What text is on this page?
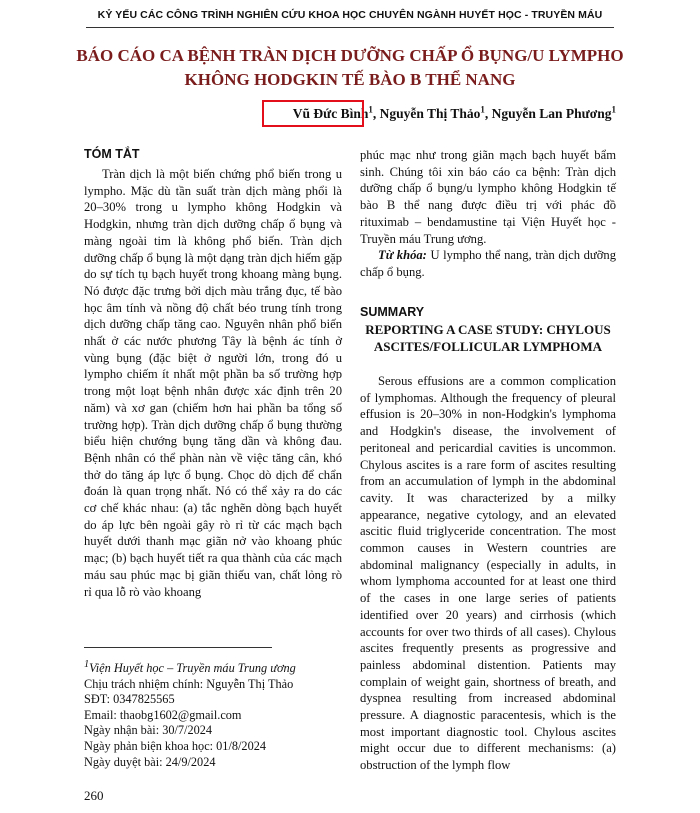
KỶ YẾU CÁC CÔNG TRÌNH NGHIÊN CỨU KHOA HỌC CHUYÊN NGÀNH HUYẾT HỌC - TRUYỀN MÁU
BÁO CÁO CA BỆNH TRÀN DỊCH DƯỠNG CHẤP Ổ BỤNG/U LYMPHO
KHÔNG HODGKIN TẾ BÀO B THỂ NANG
Vũ Đức Bình$^1$, Nguyễn Thị Thảo$^1$, Nguyễn Lan Phương$^1$
TÓM TẮT

Tràn dịch là một biến chứng phổ biến trong u lympho. Mặc dù tần suất tràn dịch màng phổi là 20–30% trong u lympho không Hodgkin và Hodgkin, nhưng tràn dịch dưỡng chấp ổ bụng và màng ngoài tim là không phổ biến. Tràn dịch dưỡng chấp ổ bụng là một dạng tràn dịch hiếm gặp do sự tích tụ bạch huyết trong khoang màng bụng. Nó được đặc trưng bởi dịch màu trắng đục, tế bào học âm tính và nồng độ chất béo trung tính trong dịch dưỡng chấp tăng cao. Nguyên nhân phổ biến nhất ở các nước phương Tây là bệnh ác tính ở vùng bụng (đặc biệt ở người lớn, trong đó u lympho chiếm ít nhất một phần ba số trường hợp trong một loạt bệnh nhân được xác định trên 20 năm) và xơ gan (chiếm hơn hai phần ba tổng số trường hợp). Tràn dịch dưỡng chấp ổ bụng thường biểu hiện chướng bụng tăng dần và không đau. Bệnh nhân có thể phàn nàn về việc tăng cân, khó thở do tăng áp lực ổ bụng. Chọc dò dịch để chẩn đoán là quan trọng nhất. Nó có thể xảy ra do các cơ chế khác nhau: (a) tắc nghẽn dòng bạch huyết do áp lực bên ngoài gây rò rỉ từ các mạch bạch huyết dưới thanh mạc giãn nở vào khoang phúc mạc; (b) bạch huyết tiết ra qua thành của các mạch máu sau phúc mạc bị giãn thiếu van, chất lỏng rò rỉ qua lỗ rò vào khoang

phúc mạc như trong giãn mạch bạch huyết bẩm sinh. Chúng tôi xin báo cáo ca bệnh: Tràn dịch dưỡng chấp ổ bụng/u lympho không Hodgkin tế bào B thể nang được điều trị với phác đồ rituximab – bendamustine tại Viện Huyết học - Truyền máu Trung ương.

Từ khóa: U lympho thể nang, tràn dịch dưỡng chấp ổ bụng.

SUMMARY
REPORTING A CASE STUDY: CHYLOUS ASCITES/FOLLICULAR LYMPHOMA

Serous effusions are a common complication of lymphomas. Although the frequency of pleural effusion is 20–30% in non-Hodgkin's lymphoma and Hodgkin's disease, the involvement of peritoneal and pericardial cavities is uncommon. Chylous ascites is a rare form of ascites resulting from an accumulation of lymph in the abdominal cavity. It was characterized by a milky appearance, negative cytology, and an elevated ascitic fluid triglyceride concentration. The most common causes in Western countries are abdominal malignancy (especially in adults, in whom lymphoma accounted for at least one third of the cases in one large series of patients identified over 20 years) and cirrhosis (which accounts for over two thirds of all cases). Chylous ascites frequently presents as progressive and painless abdominal distention. Patients may complain of weight gain, shortness of breath, and dyspnea resulting from increased abdominal pressure. A diagnostic paracentesis, which is the most important diagnostic tool. Chylous ascites might occur due to different mechanisms: (a) obstruction of the lymph flow

$^1$Viện Huyết học – Truyền máu Trung ương
Chịu trách nhiệm chính: Nguyễn Thị Thảo
SĐT: 0347825565
Email: thaobg1602@gmail.com
Ngày nhận bài: 30/7/2024
Ngày phản biện khoa học: 01/8/2024
Ngày duyệt bài: 24/9/2024
260
